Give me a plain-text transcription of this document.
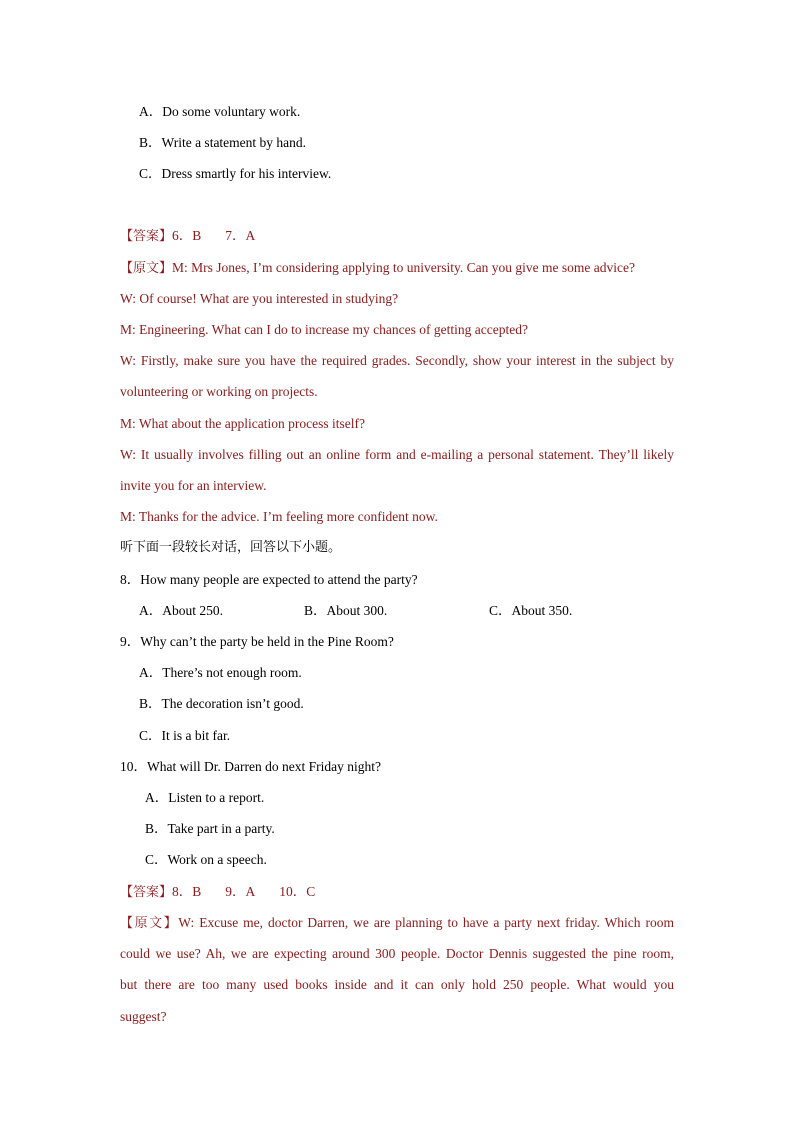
A．Do some voluntary work.
B．Write a statement by hand.
C．Dress smartly for his interview.
【答案】6．B 7．A
【原文】M: Mrs Jones, I’m considering applying to university. Can you give me some advice?
W: Of course! What are you interested in studying?
M: Engineering. What can I do to increase my chances of getting accepted?
W: Firstly, make sure you have the required grades. Secondly, show your interest in the subject by
volunteering or working on projects.
M: What about the application process itself?
W: It usually involves filling out an online form and e-mailing a personal statement. They’ll likely
invite you for an interview.
M: Thanks for the advice. I’m feeling more confident now.
听下面一段较长对话，回答以下小题。
8．How many people are expected to attend the party?
A．About 250.	B．About 300.	C．About 350.
9．Why can’t the party be held in the Pine Room?
A．There’s not enough room.
B．The decoration isn’t good.
C．It is a bit far.
10．What will Dr. Darren do next Friday night?
A．Listen to a report.
B．Take part in a party.
C．Work on a speech.
【答案】8．B 9．A 10．C
【原文】W: Excuse me, doctor Darren, we are planning to have a party next friday. Which room
could we use? Ah, we are expecting around 300 people. Doctor Dennis suggested the pine room,
but there are too many used books inside and it can only hold 250 people. What would you
suggest?
